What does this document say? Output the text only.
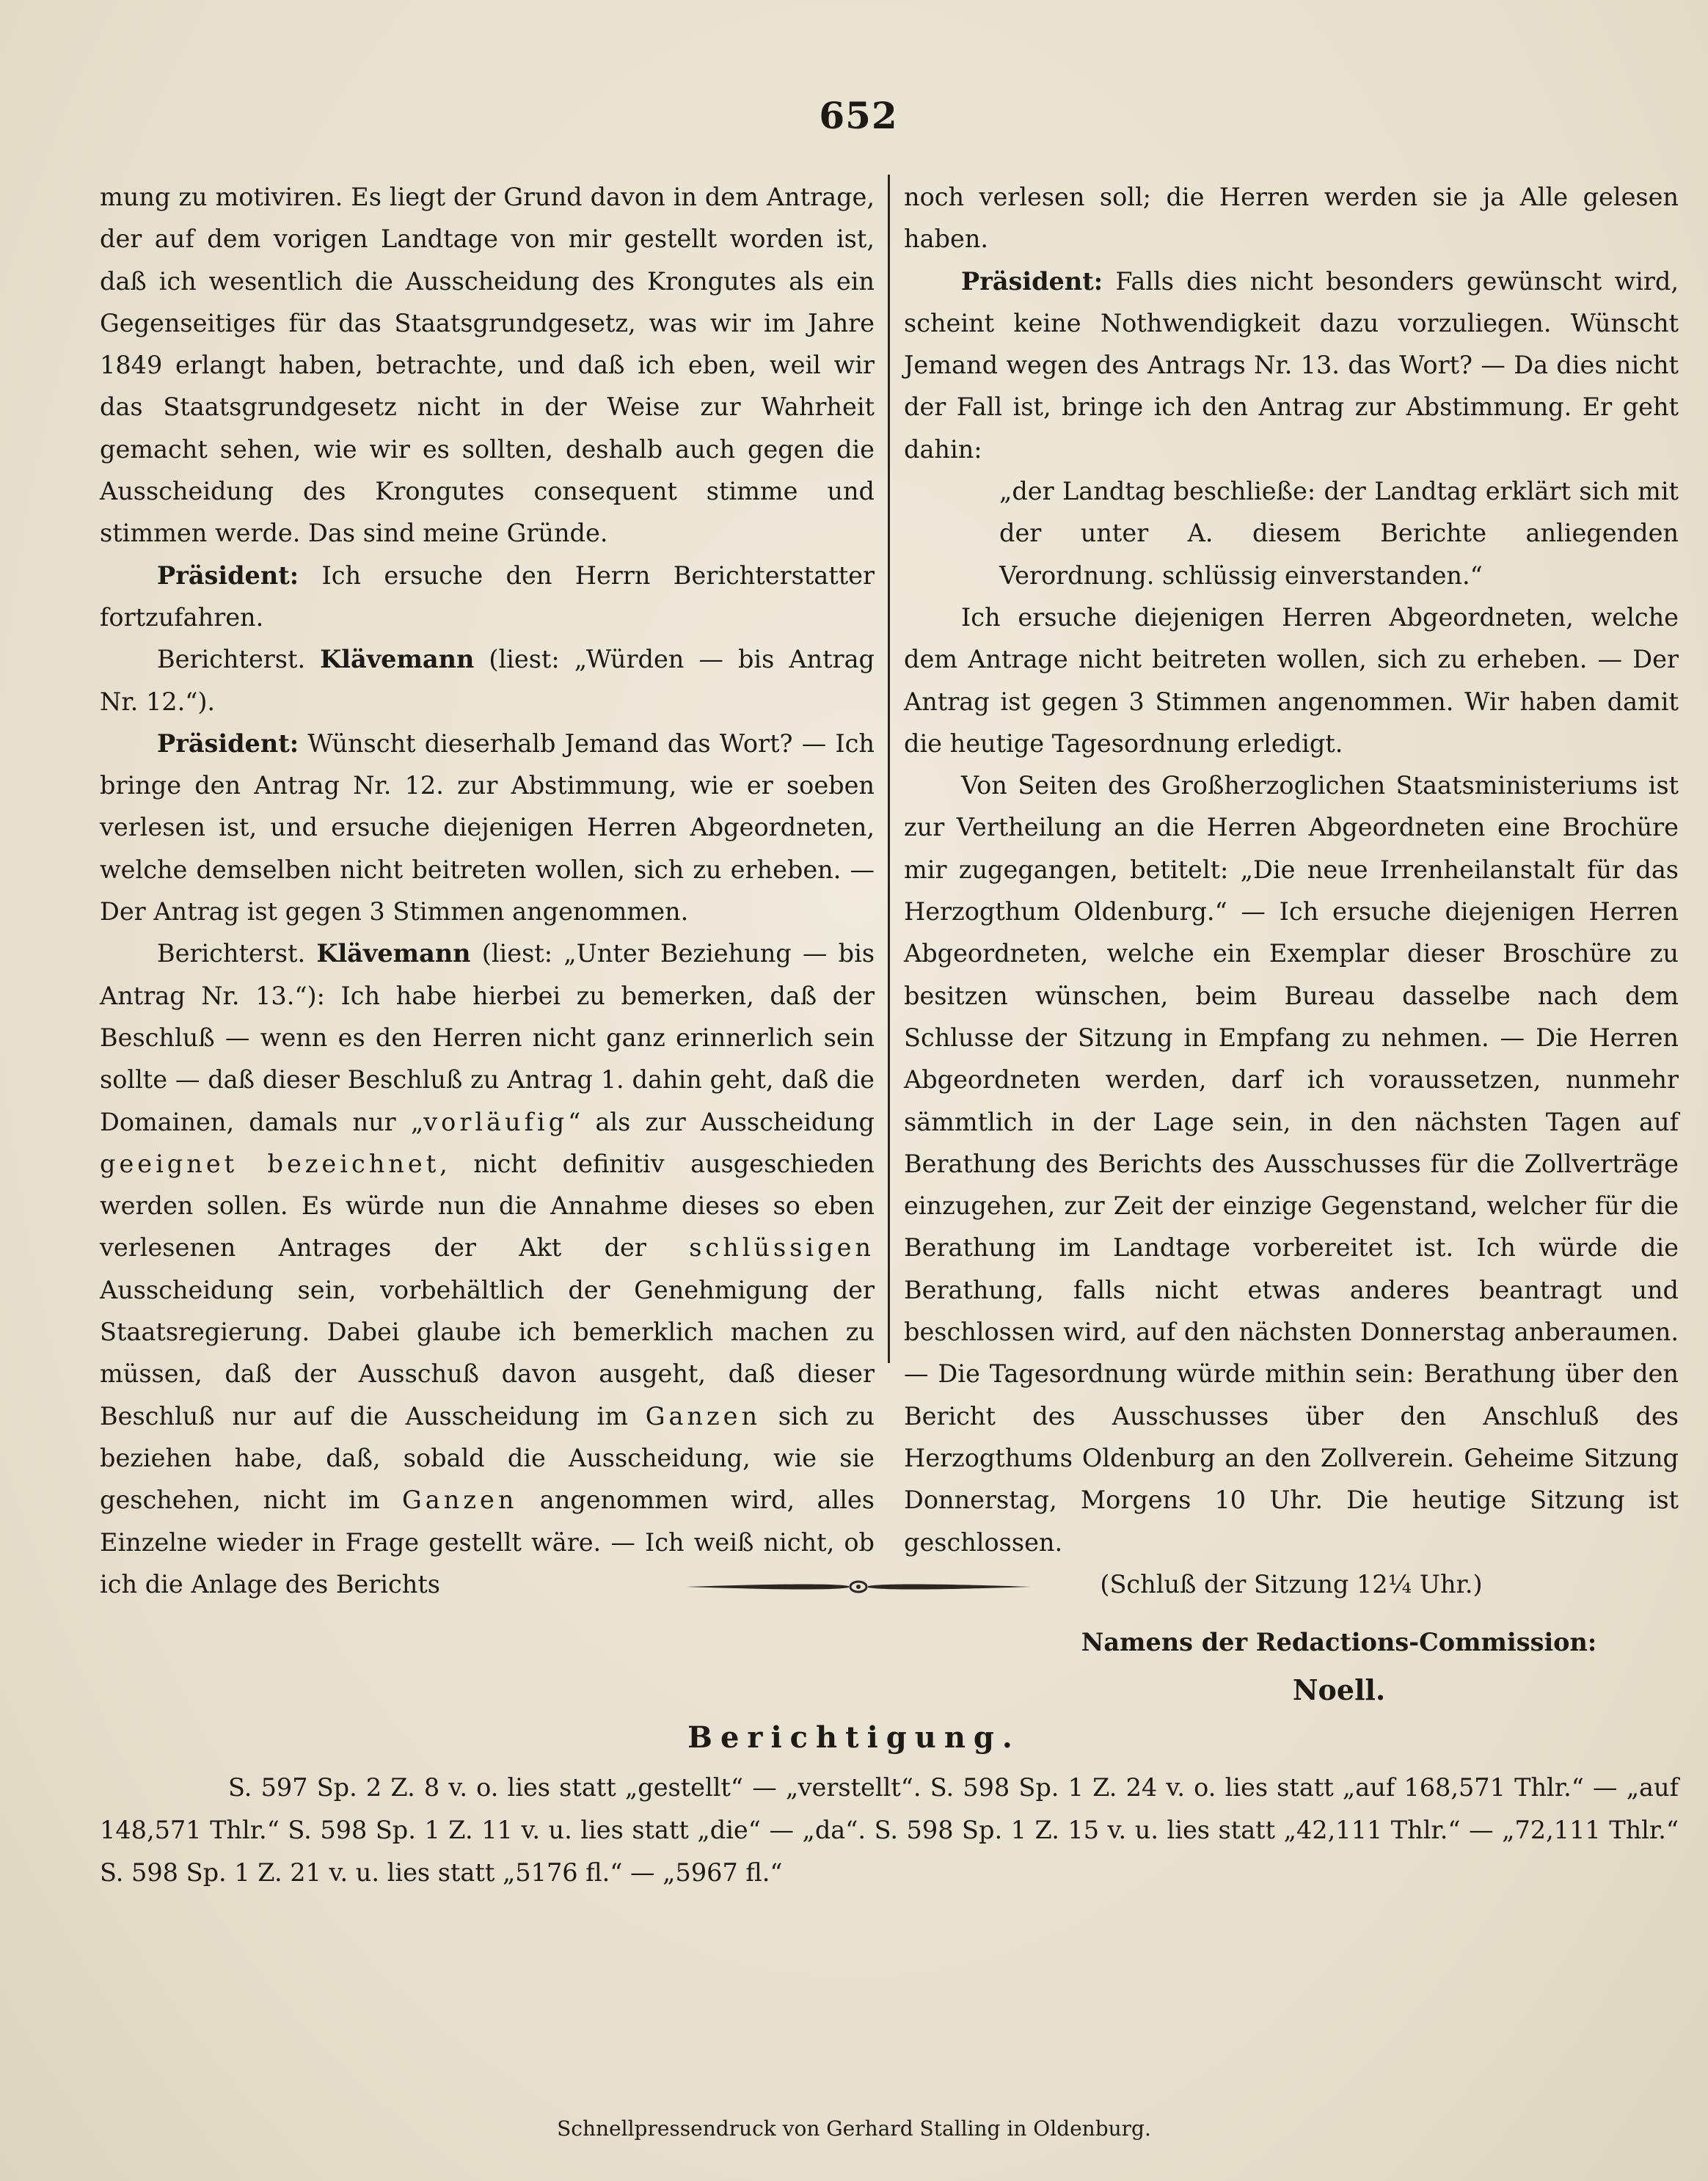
652

mung zu motiviren. Es liegt der Grund davon in dem Antrage, der auf dem vorigen Landtage von mir gestellt worden ist, daß ich wesentlich die Ausscheidung des Krongutes als ein Gegenseitiges für das Staatsgrundgesetz, was wir im Jahre 1849 erlangt haben, betrachte, und daß ich eben, weil wir das Staatsgrundgesetz nicht in der Weise zur Wahrheit gemacht sehen, wie wir es sollten, deshalb auch gegen die Ausscheidung des Krongutes consequent stimme und stimmen werde. Das sind meine Gründe.

Präsident: Ich ersuche den Herrn Berichterstatter fortzufahren.

Berichterst. Klävemann (liest: „Würden — bis Antrag Nr. 12.“).

Präsident: Wünscht dieserhalb Jemand das Wort? — Ich bringe den Antrag Nr. 12. zur Abstimmung, wie er soeben verlesen ist, und ersuche diejenigen Herren Abgeordneten, welche demselben nicht beitreten wollen, sich zu erheben. — Der Antrag ist gegen 3 Stimmen angenommen.

Berichterst. Klävemann (liest: „Unter Beziehung — bis Antrag Nr. 13.“): Ich habe hierbei zu bemerken, daß der Beschluß — wenn es den Herren nicht ganz erinnerlich sein sollte — daß dieser Beschluß zu Antrag 1. dahin geht, daß die Domainen, damals nur „vorläufig“ als zur Ausscheidung geeignet bezeichnet, nicht definitiv ausgeschieden werden sollen. Es würde nun die Annahme dieses so eben verlesenen Antrages der Akt der schlüssigen Ausscheidung sein, vorbehältlich der Genehmigung der Staatsregierung. Dabei glaube ich bemerklich machen zu müssen, daß der Ausschuß davon ausgeht, daß dieser Beschluß nur auf die Ausscheidung im Ganzen sich zu beziehen habe, daß, sobald die Ausscheidung, wie sie geschehen, nicht im Ganzen angenommen wird, alles Einzelne wieder in Frage gestellt wäre. — Ich weiß nicht, ob ich die Anlage des Berichts

noch verlesen soll; die Herren werden sie ja Alle gelesen haben.

Präsident: Falls dies nicht besonders gewünscht wird, scheint keine Nothwendigkeit dazu vorzuliegen. Wünscht Jemand wegen des Antrags Nr. 13. das Wort? — Da dies nicht der Fall ist, bringe ich den Antrag zur Abstimmung. Er geht dahin:

„der Landtag beschließe: der Landtag erklärt sich mit der unter A. diesem Berichte anliegenden Verordnung. schlüssig einverstanden.“

Ich ersuche diejenigen Herren Abgeordneten, welche dem Antrage nicht beitreten wollen, sich zu erheben. — Der Antrag ist gegen 3 Stimmen angenommen. Wir haben damit die heutige Tagesordnung erledigt.

Von Seiten des Großherzoglichen Staatsministeriums ist zur Vertheilung an die Herren Abgeordneten eine Brochüre mir zugegangen, betitelt: „Die neue Irrenheilanstalt für das Herzogthum Oldenburg.“ — Ich ersuche diejenigen Herren Abgeordneten, welche ein Exemplar dieser Broschüre zu besitzen wünschen, beim Bureau dasselbe nach dem Schlusse der Sitzung in Empfang zu nehmen. — Die Herren Abgeordneten werden, darf ich voraussetzen, nunmehr sämmtlich in der Lage sein, in den nächsten Tagen auf Berathung des Berichts des Ausschusses für die Zollverträge einzugehen, zur Zeit der einzige Gegenstand, welcher für die Berathung im Landtage vorbereitet ist. Ich würde die Berathung, falls nicht etwas anderes beantragt und beschlossen wird, auf den nächsten Donnerstag anberaumen. — Die Tagesordnung würde mithin sein: Berathung über den Bericht des Ausschusses über den Anschluß des Herzogthums Oldenburg an den Zollverein. Geheime Sitzung Donnerstag, Morgens 10 Uhr. Die heutige Sitzung ist geschlossen.

(Schluß der Sitzung 12¼ Uhr.)

Namens der Redactions-Commission:

Noell.

Berichtigung.

S. 597 Sp. 2 Z. 8 v. o. lies statt „gestellt“ — „verstellt“. S. 598 Sp. 1 Z. 24 v. o. lies statt „auf 168,571 Thlr.“ — „auf 148,571 Thlr.“ S. 598 Sp. 1 Z. 11 v. u. lies statt „die“ — „da“. S. 598 Sp. 1 Z. 15 v. u. lies statt „42,111 Thlr.“ — „72,111 Thlr.“ S. 598 Sp. 1 Z. 21 v. u. lies statt „5176 fl.“ — „5967 fl.“

Schnellpressendruck von Gerhard Stalling in Oldenburg.
